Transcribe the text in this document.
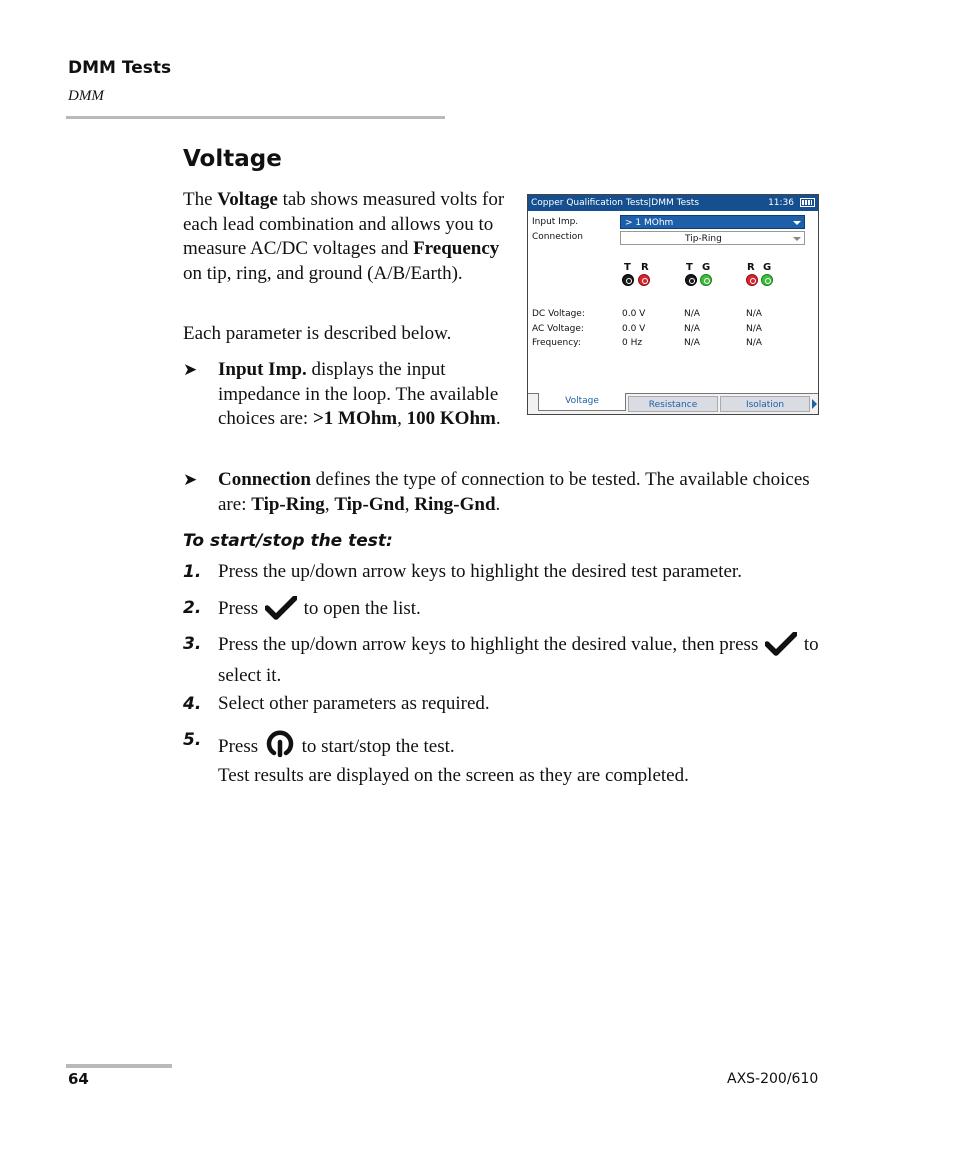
DMM Tests
DMM
Voltage
The Voltage tab shows measured volts for each lead combination and allows you to measure AC/DC voltages and Frequency on tip, ring, and ground (A/B/Earth).
Each parameter is described below.
➤	Input Imp. displays the input impedance in the loop. The available choices are: >1 MOhm, 100 KOhm.
➤	Connection defines the type of connection to be tested. The available choices are: Tip-Ring, Tip-Gnd, Ring-Gnd.
To start/stop the test:
1. Press the up/down arrow keys to highlight the desired test parameter.
2. Press  to open the list.
3. Press the up/down arrow keys to highlight the desired value, then press  to select it.
4. Select other parameters as required.
5. Press  to start/stop the test.
Test results are displayed on the screen as they are completed.
Copper Qualification Tests|DMM Tests	11:36
Input Imp.	> 1 MOhm
Connection	Tip-Ring
T R	T G	R G
DC Voltage:	0.0 V	N/A	N/A
AC Voltage:	0.0 V	N/A	N/A
Frequency:	0 Hz	N/A	N/A
Voltage	Resistance	Isolation
64	AXS-200/610
